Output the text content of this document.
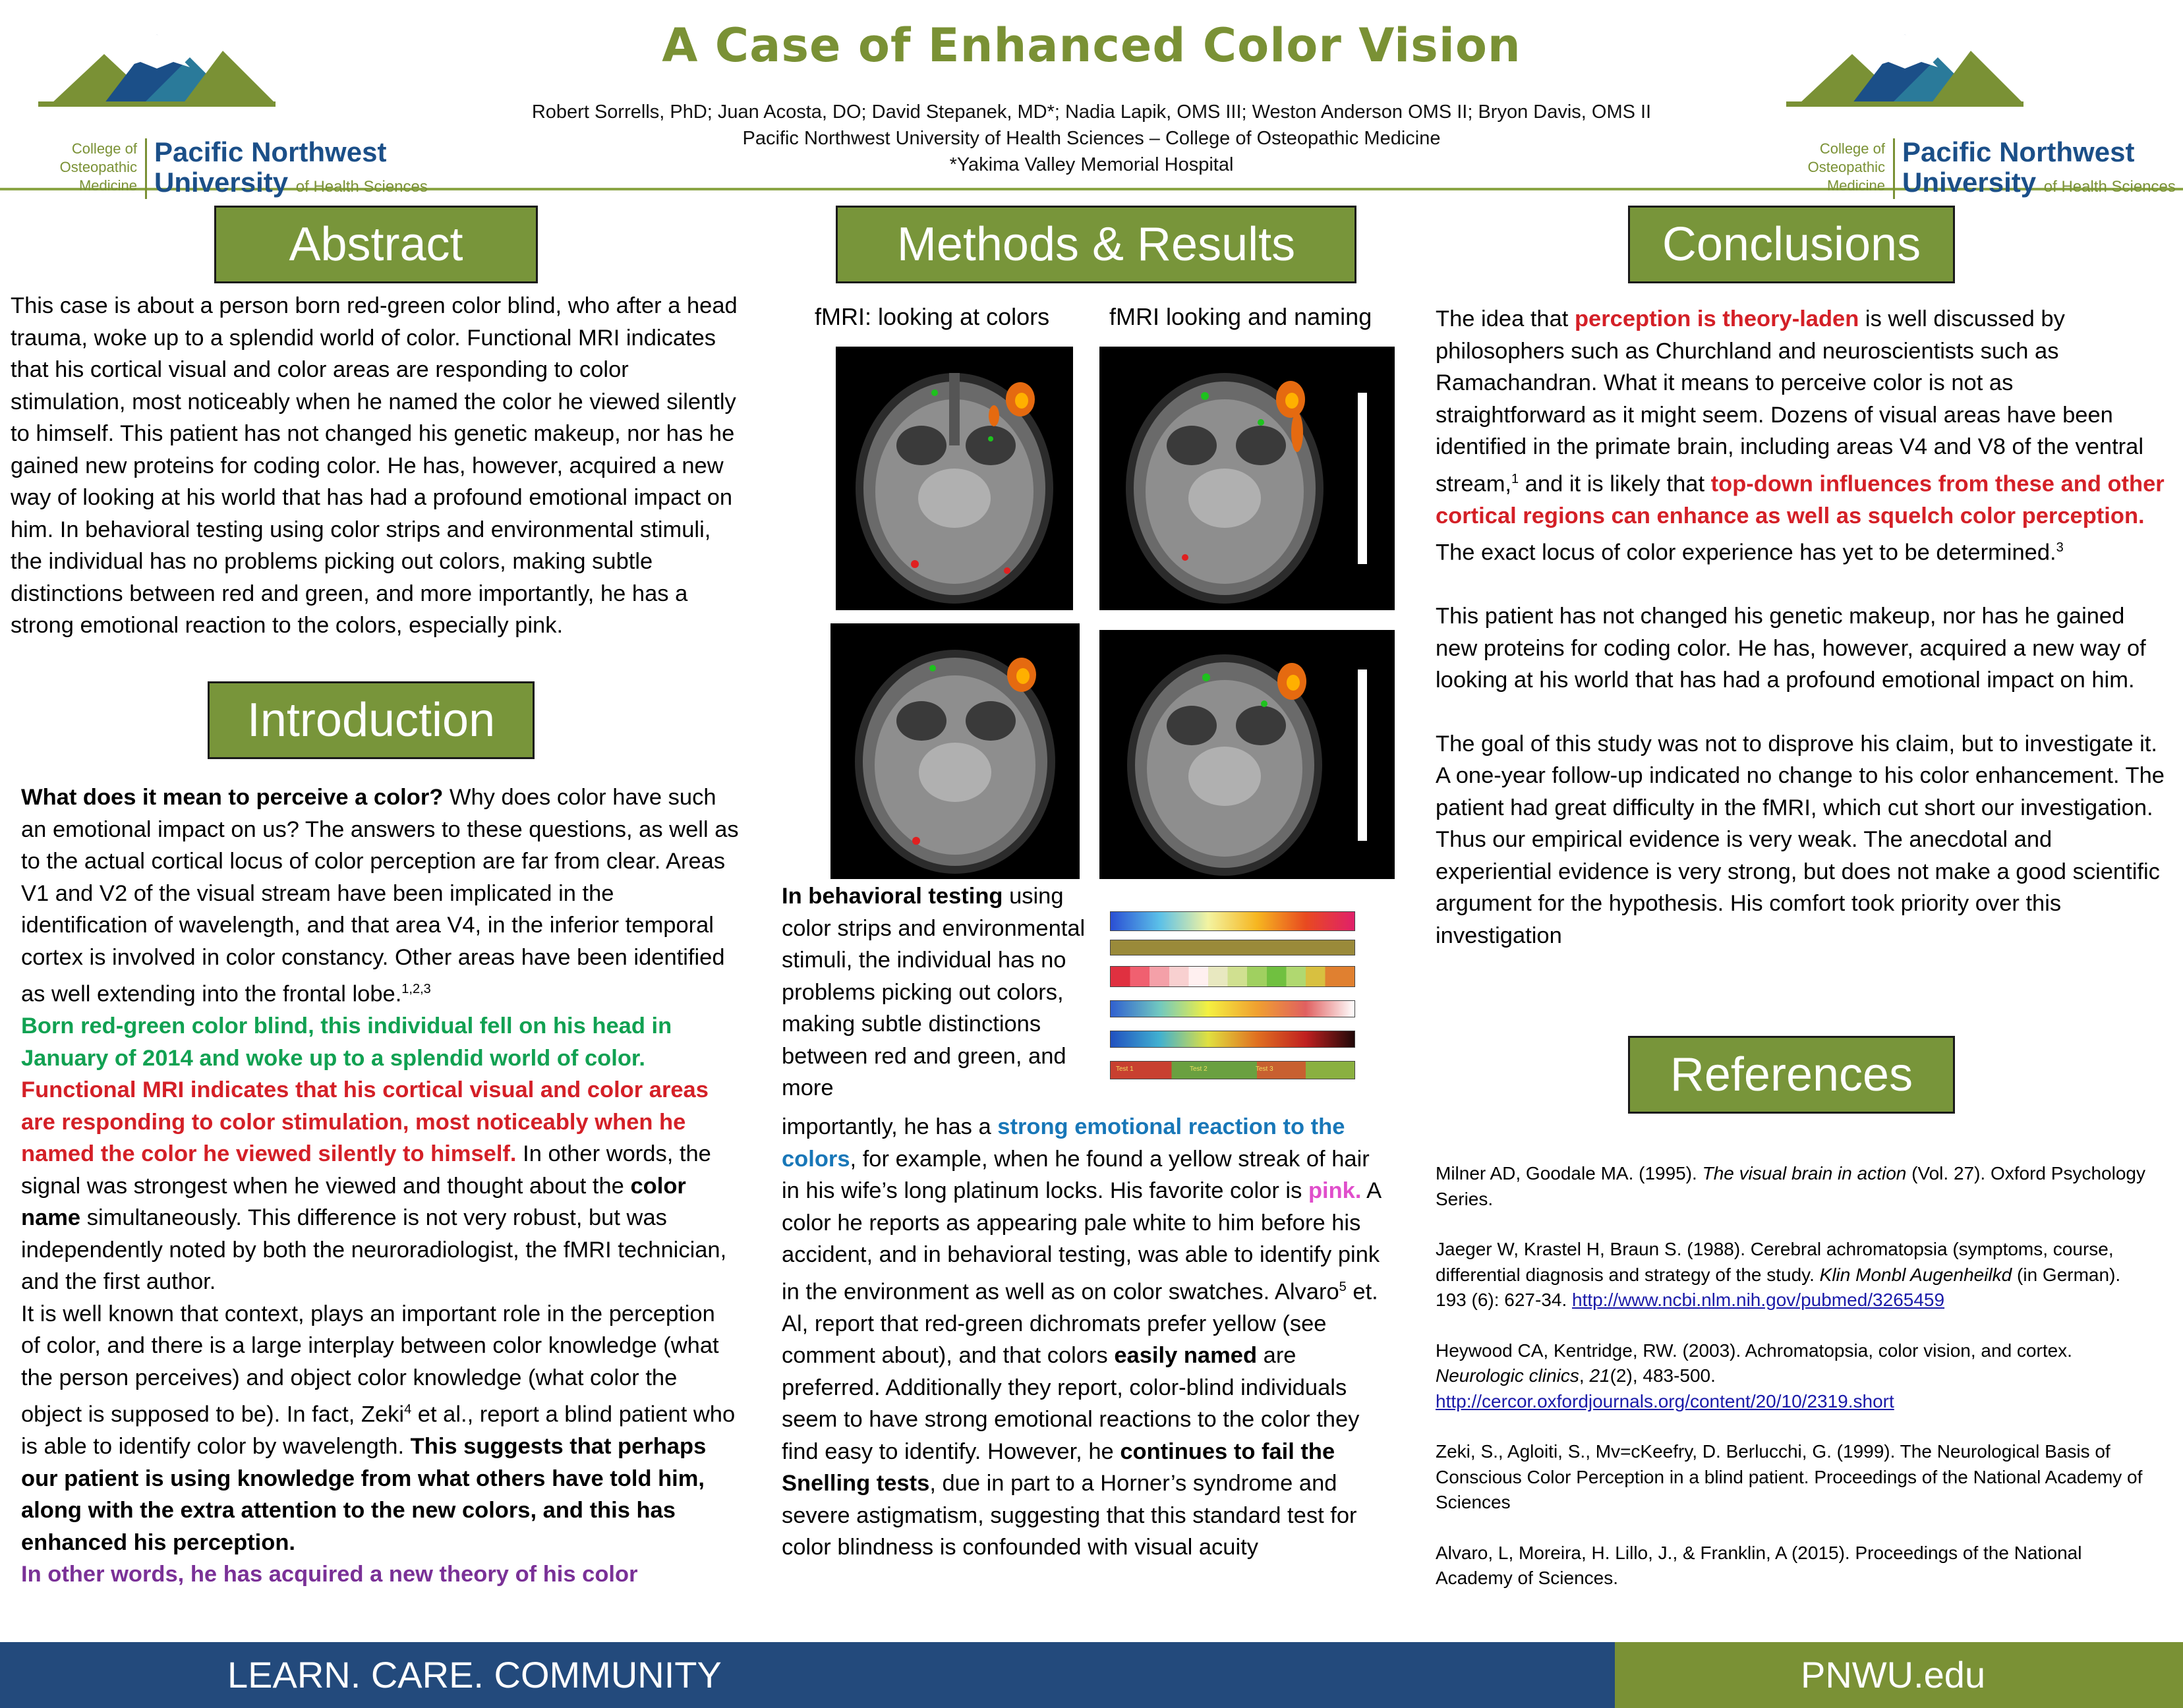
A Case of Enhanced Color Vision
Robert Sorrells, PhD; Juan Acosta, DO; David Stepanek, MD*; Nadia Lapik, OMS III; Weston Anderson OMS II; Bryon Davis, OMS II
Pacific Northwest University of Health Sciences – College of Osteopathic Medicine
*Yakima Valley Memorial Hospital
College of
Osteopathic
Medicine
Pacific Northwest
University of Health Sciences
College of
Osteopathic
Medicine
Pacific Northwest
University of Health Sciences
Abstract
This case is about a person born red-green color blind, who after a head trauma, woke up to a splendid world of color. Functional MRI indicates that his cortical visual and color areas are responding to color stimulation, most noticeably when he named the color he viewed silently to himself. This patient has not changed his genetic makeup, nor has he gained new proteins for coding color. He has, however, acquired a new way of looking at his world that has had a profound emotional impact on him. In behavioral testing using color strips and environmental stimuli, the individual has no problems picking out colors, making subtle distinctions between red and green, and more importantly, he has a strong emotional reaction to the colors, especially pink.
Introduction
What does it mean to perceive a color? Why does color have such an emotional impact on us? The answers to these questions, as well as to the actual cortical locus of color perception are far from clear. Areas V1 and V2 of the visual stream have been implicated in the identification of wavelength, and that area V4, in the inferior temporal cortex is involved in color constancy. Other areas have been identified as well extending into the frontal lobe.$^{1,2,3}$
Born red-green color blind, this individual fell on his head in January of 2014 and woke up to a splendid world of color.
Functional MRI indicates that his cortical visual and color areas are responding to color stimulation, most noticeably when he named the color he viewed silently to himself. In other words, the signal was strongest when he viewed and thought about the color name simultaneously. This difference is not very robust, but was independently noted by both the neuroradiologist, the fMRI technician, and the first author.
It is well known that context, plays an important role in the perception of color, and there is a large interplay between color knowledge (what the person perceives) and object color knowledge (what color the object is supposed to be). In fact, Zeki$^4$ et al., report a blind patient who is able to identify color by wavelength. This suggests that perhaps our patient is using knowledge from what others have told him, along with the extra attention to the new colors, and this has enhanced his perception.
In other words, he has acquired a new theory of his color
Methods & Results
fMRI: looking at colors	fMRI looking and naming
In behavioral testing using color strips and environmental stimuli, the individual has no problems picking out colors, making subtle distinctions between red and green, and more
Test 1	Test 2	Test 3
importantly, he has a strong emotional reaction to the colors, for example, when he found a yellow streak of hair in his wife’s long platinum locks. His favorite color is pink. A color he reports as appearing pale white to him before his accident, and in behavioral testing, was able to identify pink in the environment as well as on color swatches. Alvaro$^5$ et. Al, report that red-green dichromats prefer yellow (see comment about), and that colors easily named are preferred. Additionally they report, color-blind individuals seem to have strong emotional reactions to the color they find easy to identify. However, he continues to fail the Snelling tests, due in part to a Horner’s syndrome and severe astigmatism, suggesting that this standard test for color blindness is confounded with visual acuity
Conclusions
The idea that perception is theory-laden is well discussed by philosophers such as Churchland and neuroscientists such as Ramachandran. What it means to perceive color is not as straightforward as it might seem. Dozens of visual areas have been identified in the primate brain, including areas V4 and V8 of the ventral stream,$^1$ and it is likely that top-down influences from these and other cortical regions can enhance as well as squelch color perception. The exact locus of color experience has yet to be determined.$^3$
This patient has not changed his genetic makeup, nor has he gained new proteins for coding color. He has, however, acquired a new way of looking at his world that has had a profound emotional impact on him.
The goal of this study was not to disprove his claim, but to investigate it. A one-year follow-up indicated no change to his color enhancement. The patient had great difficulty in the fMRI, which cut short our investigation. Thus our empirical evidence is very weak. The anecdotal and experiential evidence is very strong, but does not make a good scientific argument for the hypothesis. His comfort took priority over this investigation
References

Milner AD, Goodale MA. (1995). The visual brain in action (Vol. 27). Oxford Psychology Series.

Jaeger W, Krastel H, Braun S. (1988). Cerebral achromatopsia (symptoms, course, differential diagnosis and strategy of the study. Klin Monbl Augenheilkd (in German). 193 (6): 627-34. http://www.ncbi.nlm.nih.gov/pubmed/3265459

Heywood CA, Kentridge, RW. (2003). Achromatopsia, color vision, and cortex. Neurologic clinics, 21(2), 483-500.
http://cercor.oxfordjournals.org/content/20/10/2319.short

Zeki, S., Agloiti, S., Mv=cKeefry, D. Berlucchi, G. (1999). The Neurological Basis of Conscious Color Perception in a blind patient. Proceedings of the National Academy of Sciences

Alvaro, L, Moreira, H. Lillo, J., & Franklin, A (2015). Proceedings of the National Academy of Sciences.

LEARN. CARE. COMMUNITY	PNWU.edu
